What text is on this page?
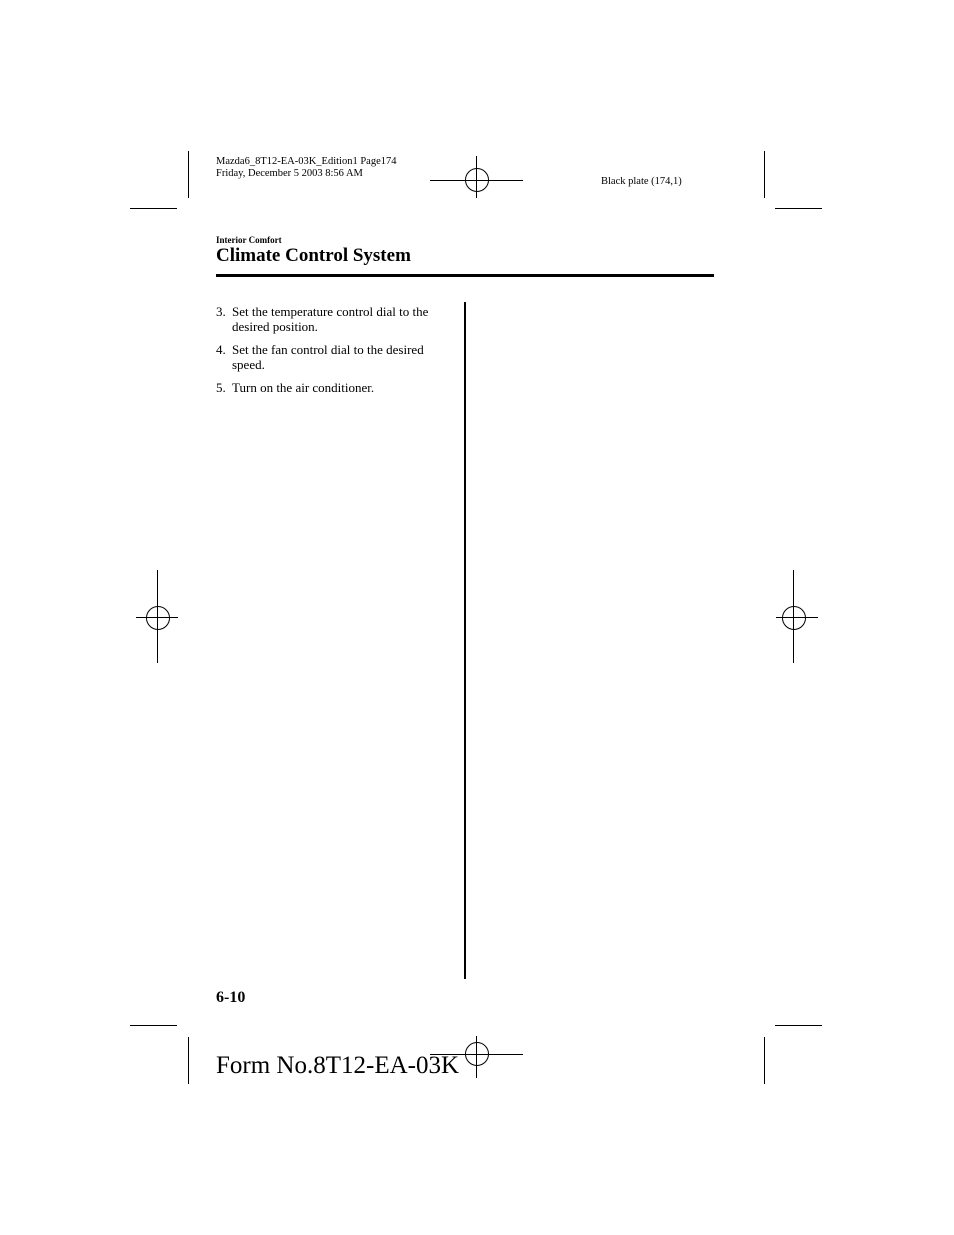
Mazda6_8T12-EA-03K_Edition1 Page174
Friday, December 5 2003 8:56 AM
Black plate (174,1)
Interior Comfort
Climate Control System
3. Set the temperature control dial to the desired position.
4. Set the fan control dial to the desired speed.
5. Turn on the air conditioner.
6-10
Form No.8T12-EA-03K
